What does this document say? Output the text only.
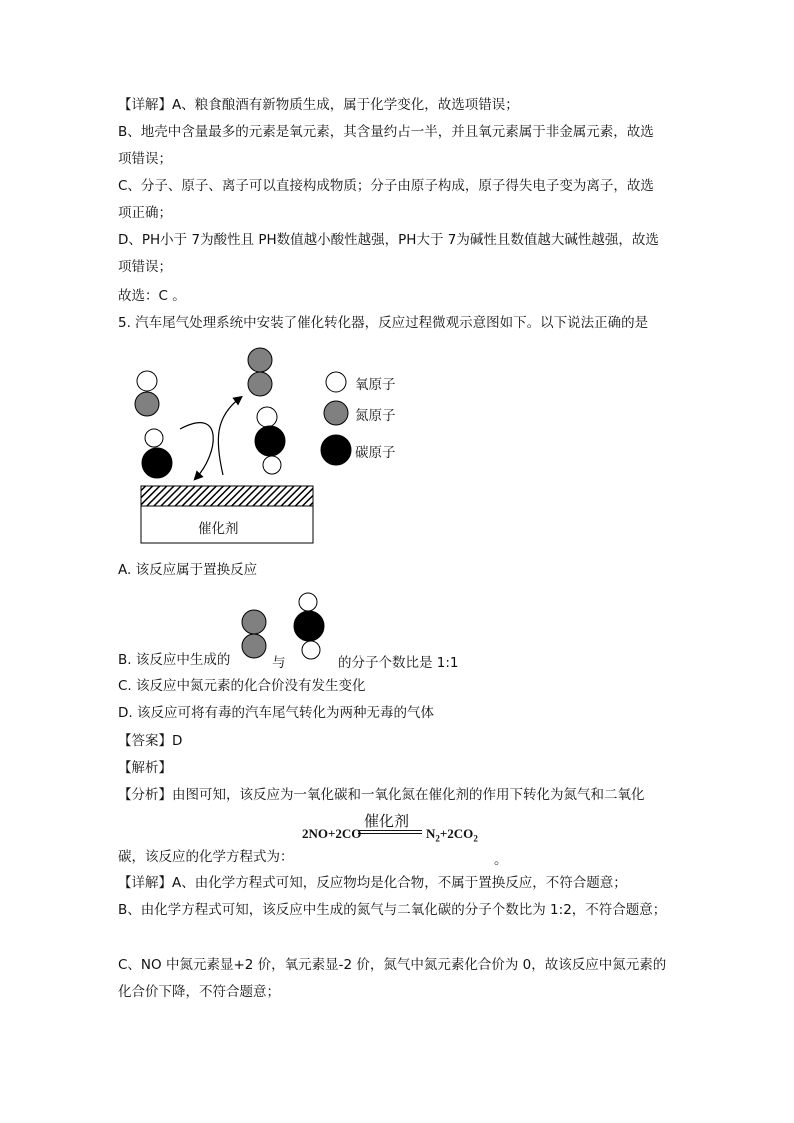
【详解】A、粮食酿酒有新物质生成，属于化学变化，故选项错误；
B、地壳中含量最多的元素是氧元素，其含量约占一半，并且氧元素属于非金属元素，故选
项错误；
C、分子、原子、离子可以直接构成物质；分子由原子构成，原子得失电子变为离子，故选
项正确；
D、PH小于 7为酸性且 PH数值越小酸性越强，PH大于 7为碱性且数值越大碱性越强，故选
项错误；
故选：C 。
5. 汽车尾气处理系统中安装了催化转化器，反应过程微观示意图如下。以下说法正确的是
氧原子
氮原子
碳原子
催化剂
A. 该反应属于置换反应
B. 该反应中生成的	与	的分子个数比是 1:1
C. 该反应中氮元素的化合价没有发生变化
D. 该反应可将有毒的汽车尾气转化为两种无毒的气体
【答案】D
【解析】
【分析】由图可知，该反应为一氧化碳和一氧化氮在催化剂的作用下转化为氮气和二氧化
催化剂
2NO+2CO	$N_2+2CO_2$
碳，该反应的化学方程式为：	。
【详解】A、由化学方程式可知，反应物均是化合物，不属于置换反应，不符合题意；
B、由化学方程式可知，该反应中生成的氮气与二氧化碳的分子个数比为 1:2，不符合题意；
C、NO 中氮元素显+2 价，氧元素显-2 价，氮气中氮元素化合价为 0，故该反应中氮元素的
化合价下降，不符合题意；
